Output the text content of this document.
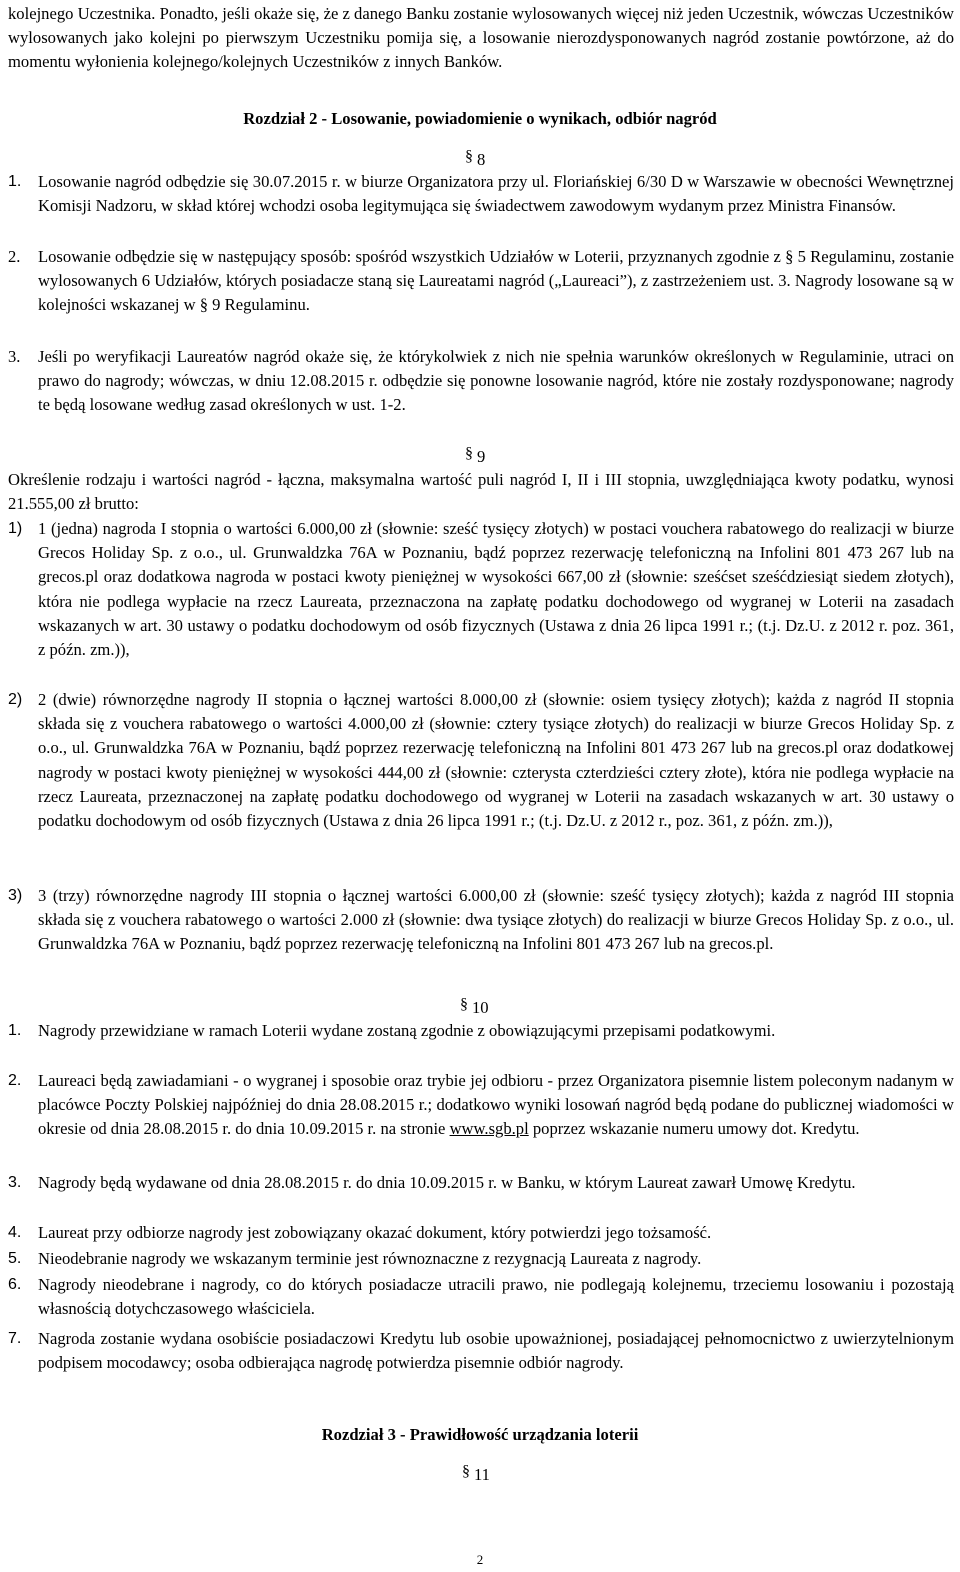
kolejnego Uczestnika. Ponadto, jeśli okaże się, że z danego Banku zostanie wylosowanych więcej niż jeden Uczestnik, wówczas Uczestników wylosowanych jako kolejni po pierwszym Uczestniku pomija się, a losowanie nierozdysponowanych nagród zostanie powtórzone, aż do momentu wyłonienia kolejnego/kolejnych Uczestników z innych Banków.

Rozdział 2 - Losowanie, powiadomienie o wynikach, odbiór nagród
§ 8
1. Losowanie nagród odbędzie się 30.07.2015 r. w biurze Organizatora przy ul. Floriańskiej 6/30 D w Warszawie w obecności Wewnętrznej Komisji Nadzoru, w skład której wchodzi osoba legitymująca się świadectwem zawodowym wydanym przez Ministra Finansów.

2. Losowanie odbędzie się w następujący sposób: spośród wszystkich Udziałów w Loterii, przyznanych zgodnie z § 5 Regulaminu, zostanie wylosowanych 6 Udziałów, których posiadacze staną się Laureatami nagród („Laureaci”), z zastrzeżeniem ust. 3. Nagrody losowane są w kolejności wskazanej w § 9 Regulaminu.

3. Jeśli po weryfikacji Laureatów nagród okaże się, że którykolwiek z nich nie spełnia warunków określonych w Regulaminie, utraci on prawo do nagrody; wówczas, w dniu 12.08.2015 r. odbędzie się ponowne losowanie nagród, które nie zostały rozdysponowane; nagrody te będą losowane według zasad określonych w ust. 1-2.

§ 9

Określenie rodzaju i wartości nagród - łączna, maksymalna wartość puli nagród I, II i III stopnia, uwzględniająca kwoty podatku, wynosi 21.555,00 zł brutto:

1) 1 (jedna) nagroda I stopnia o wartości 6.000,00 zł (słownie: sześć tysięcy złotych) w postaci vouchera rabatowego do realizacji w biurze Grecos Holiday Sp. z o.o., ul. Grunwaldzka 76A w Poznaniu, bądź poprzez rezerwację telefoniczną na Infolini 801 473 267 lub na grecos.pl oraz dodatkowa nagroda w postaci kwoty pieniężnej w wysokości 667,00 zł (słownie: sześćset sześćdziesiąt siedem złotych), która nie podlega wypłacie na rzecz Laureata, przeznaczona na zapłatę podatku dochodowego od wygranej w Loterii na zasadach wskazanych w art. 30 ustawy o podatku dochodowym od osób fizycznych (Ustawa z dnia 26 lipca 1991 r.; (t.j. Dz.U. z 2012 r. poz. 361, z późn. zm.)),

2) 2 (dwie) równorzędne nagrody II stopnia o łącznej wartości 8.000,00 zł (słownie: osiem tysięcy złotych); każda z nagród II stopnia składa się z vouchera rabatowego o wartości 4.000,00 zł (słownie: cztery tysiące złotych) do realizacji w biurze Grecos Holiday Sp. z o.o., ul. Grunwaldzka 76A w Poznaniu, bądź poprzez rezerwację telefoniczną na Infolini 801 473 267 lub na grecos.pl oraz dodatkowej nagrody w postaci kwoty pieniężnej w wysokości 444,00 zł (słownie: czterysta czterdzieści cztery złote), która nie podlega wypłacie na rzecz Laureata, przeznaczonej na zapłatę podatku dochodowego od wygranej w Loterii na zasadach wskazanych w art. 30 ustawy o podatku dochodowym od osób fizycznych (Ustawa z dnia 26 lipca 1991 r.; (t.j. Dz.U. z 2012 r., poz. 361, z późn. zm.)),

3) 3 (trzy) równorzędne nagrody III stopnia o łącznej wartości 6.000,00 zł (słownie: sześć tysięcy złotych); każda z nagród III stopnia składa się z vouchera rabatowego o wartości 2.000 zł (słownie: dwa tysiące złotych) do realizacji w biurze Grecos Holiday Sp. z o.o., ul. Grunwaldzka 76A w Poznaniu, bądź poprzez rezerwację telefoniczną na Infolini 801 473 267 lub na grecos.pl.

§ 10
1. Nagrody przewidziane w ramach Loterii wydane zostaną zgodnie z obowiązującymi przepisami podatkowymi.

2. Laureaci będą zawiadamiani - o wygranej i sposobie oraz trybie jej odbioru - przez Organizatora pisemnie listem poleconym nadanym w placówce Poczty Polskiej najpóźniej do dnia 28.08.2015 r.; dodatkowo wyniki losowań nagród będą podane do publicznej wiadomości w okresie od dnia 28.08.2015 r. do dnia 10.09.2015 r. na stronie www.sgb.pl poprzez wskazanie numeru umowy dot. Kredytu.

3. Nagrody będą wydawane od dnia 28.08.2015 r. do dnia 10.09.2015 r. w Banku, w którym Laureat zawarł Umowę Kredytu.

4. Laureat przy odbiorze nagrody jest zobowiązany okazać dokument, który potwierdzi jego tożsamość.

5. Nieodebranie nagrody we wskazanym terminie jest równoznaczne z rezygnacją Laureata z nagrody.

6. Nagrody nieodebrane i nagrody, co do których posiadacze utracili prawo, nie podlegają kolejnemu, trzeciemu losowaniu i pozostają własnością dotychczasowego właściciela.

7. Nagroda zostanie wydana osobiście posiadaczowi Kredytu lub osobie upoważnionej, posiadającej pełnomocnictwo z uwierzytelnionym podpisem mocodawcy; osoba odbierająca nagrodę potwierdza pisemnie odbiór nagrody.

Rozdział 3 - Prawidłowość urządzania loterii
§ 11
2
